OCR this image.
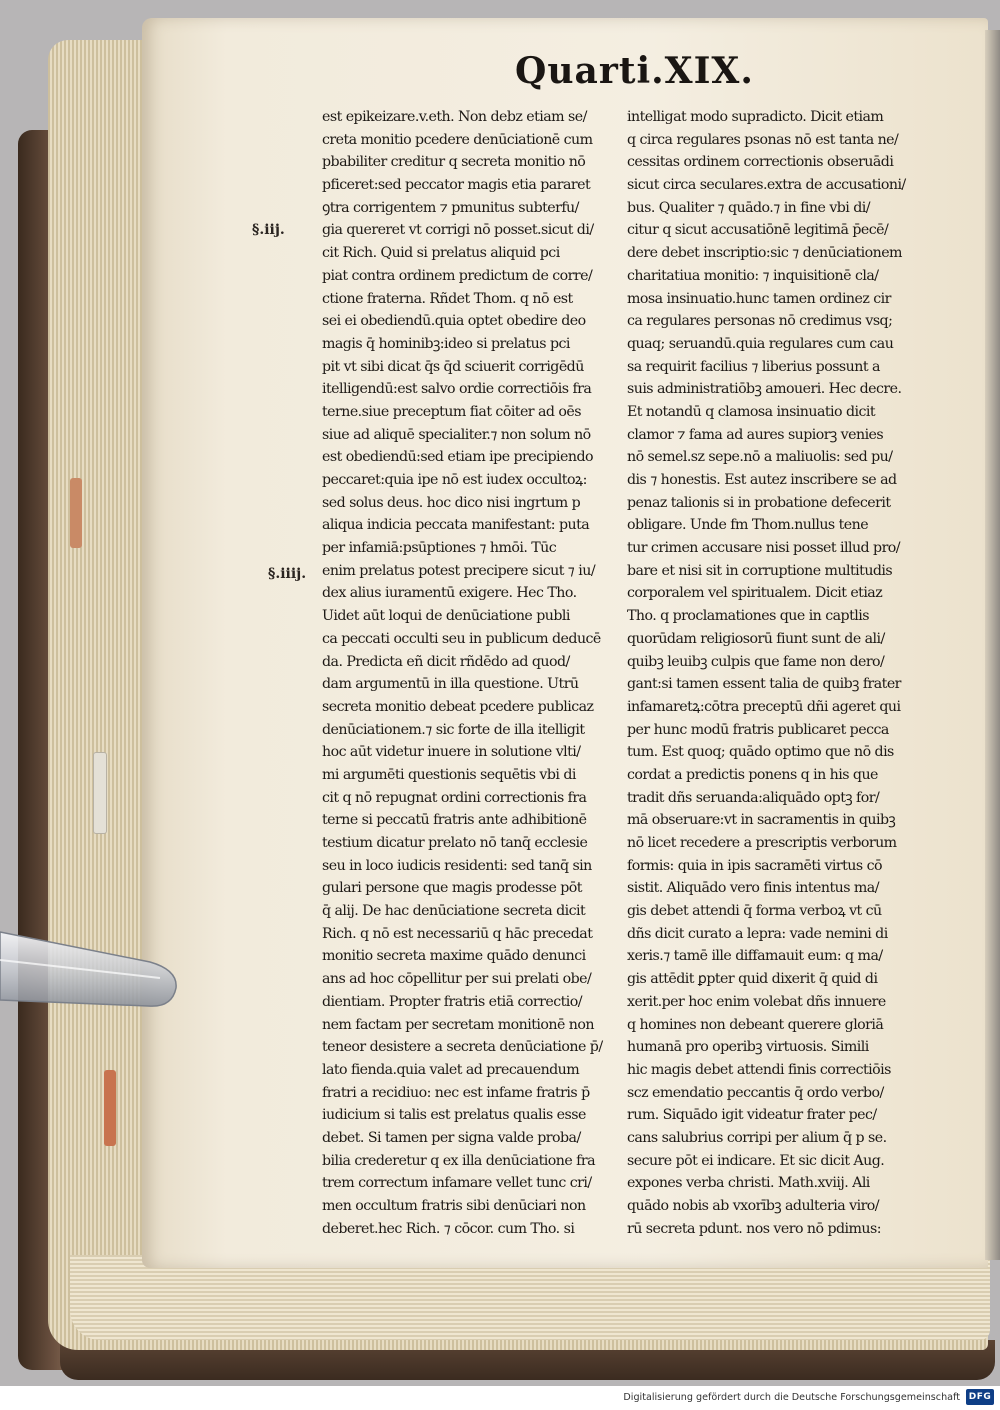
Quarti.XIX.
§.iij.
§.iiij.
est epikeizare.v.eth. Non debz etiam se/
creta monitio pcedere denūciationē cum
pbabiliter creditur q secreta monitio nō
pficeret:sed peccator magis etia pararet
ꝯtra corrigentem ⁊ pmunitus subterfu/
gia quereret vt corrigi nō posset.sicut di/
cit Rich. Quid si prelatus aliquid pci
piat contra ordinem predictum de corre/
ctione fraterna. Rñdet Thom. q nō est
sei ei obediendū.quia optet obedire deo
magis q̄ hominibꝫ:ideo si prelatus pci
pit vt sibi dicat q̄s q̄d sciuerit corrigēdū
itelligendū:est salvo ordie correctiōis fra
terne.siue preceptum fiat cōiter ad oēs
siue ad aliquē specialiter.⁊ non solum nō
est obediendū:sed etiam ipe precipiendo
peccaret:quia ipe nō est iudex occultoꝝ:
sed solus deus. hoc dico nisi ingrtum p
aliqua indicia peccata manifestant: puta
per infamiā:psūptiones ⁊ hmōi. Tūc
enim prelatus potest precipere sicut ⁊ iu/
dex alius iuramentū exigere. Hec Tho.
Uidet aūt loqui de denūciatione publi
ca peccati occulti seu in publicum deducē
da. Predicta eñ dicit rñdēdo ad quod/
dam argumentū in illa questione. Utrū
secreta monitio debeat pcedere publicaz
denūciationem.⁊ sic forte de illa itelligit
hoc aūt videtur inuere in solutione vlti/
mi argumēti questionis sequētis vbi di
cit q nō repugnat ordini correctionis fra
terne si peccatū fratris ante adhibitionē
testium dicatur prelato nō tanq̄ ecclesie
seu in loco iudicis residenti: sed tanq̄ sin
gulari persone que magis prodesse pōt
q̄ alij. De hac denūciatione secreta dicit
Rich. q nō est necessariū q hāc precedat
monitio secreta maxime quādo denunci
ans ad hoc cōpellitur per sui prelati obe/
dientiam. Propter fratris etiā correctio/
nem factam per secretam monitionē non
teneor desistere a secreta denūciatione p̄/
lato fienda.quia valet ad precauendum
fratri a recidiuo: nec est infame fratris p̄
iudicium si talis est prelatus qualis esse
debet. Si tamen per signa valde proba/
bilia crederetur q ex illa denūciatione fra
trem correctum infamare vellet tunc cri/
men occultum fratris sibi denūciari non
deberet.hec Rich. ⁊ cōcor. cum Tho. si
intelligat modo supradicto. Dicit etiam
q circa regulares psonas nō est tanta ne/
cessitas ordinem correctionis obseruādi
sicut circa seculares.extra de accusationi/
bus. Qualiter ⁊ quādo.⁊ in fine vbi di/
citur q sicut accusatiōnē legitimā p̄ecē/
dere debet inscriptio:sic ⁊ denūciationem
charitatiua monitio: ⁊ inquisitionē cla/
mosa insinuatio.hunc tamen ordinez cir
ca regulares personas nō credimus vsq;
quaq; seruandū.quia regulares cum cau
sa requirit facilius ⁊ liberius possunt a
suis administratiōbꝫ amoueri. Hec decre.
Et notandū q clamosa insinuatio dicit
clamor ⁊ fama ad aures supiorꝫ venies
nō semel.sz sepe.nō a maliuolis: sed pu/
dis ⁊ honestis. Est autez inscribere se ad
penaz talionis si in probatione defecerit
obligare. Unde fm Thom.nullus tene
tur crimen accusare nisi posset illud pro/
bare et nisi sit in corruptione multitudis
corporalem vel spiritualem. Dicit etiaz
Tho. q proclamationes que in captlis
quorūdam religiosorū fiunt sunt de ali/
quibꝫ leuibꝫ culpis que fame non dero/
gant:si tamen essent talia de quibꝫ frater
infamaretꝝ:cōtra preceptū dñi ageret qui
per hunc modū fratris publicaret pecca
tum. Est quoq; quādo optimo que nō dis
cordat a predictis ponens q in his que
tradit dñs seruanda:aliquādo optꝫ for/
mā obseruare:vt in sacramentis in quibꝫ
nō licet recedere a prescriptis verborum
formis: quia in ipis sacramēti virtus cō
sistit. Aliquādo vero finis intentus ma/
gis debet attendi q̄ forma verboꝝ vt cū
dñs dicit curato a lepra: vade nemini di
xeris.⁊ tamē ille diffamauit eum: q ma/
gis attēdit ꝑpter quid dixerit q̄ quid di
xerit.per hoc enim volebat dñs innuere
q homines non debeant querere gloriā
humanā pro operibꝫ virtuosis. Simili
hic magis debet attendi finis correctiōis
scz emendatio peccantis q̄ ordo verbo/
rum. Siquādo igit videatur frater pec/
cans salubrius corripi per alium q̄ p se.
secure pōt ei indicare. Et sic dicit Aug.
expones verba christi. Math.xviij. Ali
quādo nobis ab vxorībꝫ adulteria viro/
rū secreta pdunt. nos vero nō pdimus:
Digitalisierung gefördert durch die Deutsche Forschungsgemeinschaft DFG
